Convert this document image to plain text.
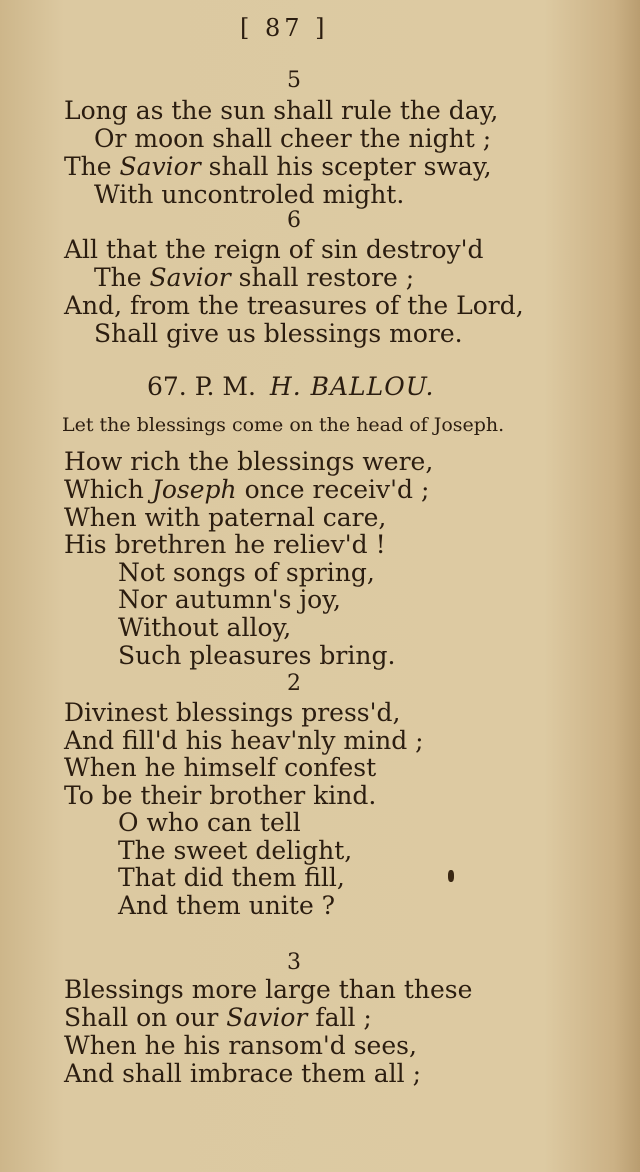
[ 87 ]
5
Long as the sun shall rule the day,
Or moon shall cheer the night ;
The Savior shall his scepter sway,
With uncontroled might.
6
All that the reign of sin destroy'd
The Savior shall restore ;
And, from the treasures of the Lord,
Shall give us blessings more.
67. P. M. H. BALLOU.
Let the blessings come on the head of Joseph.
How rich the blessings were,
Which Joseph once receiv'd ;
When with paternal care,
His brethren he reliev'd !
Not songs of spring,
Nor autumn's joy,
Without alloy,
Such pleasures bring.
2
Divinest blessings press'd,
And fill'd his heav'nly mind ;
When he himself confest
To be their brother kind.
O who can tell
The sweet delight,
That did them fill,
And them unite ?
3
Blessings more large than these
Shall on our Savior fall ;
When he his ransom'd sees,
And shall imbrace them all ;
